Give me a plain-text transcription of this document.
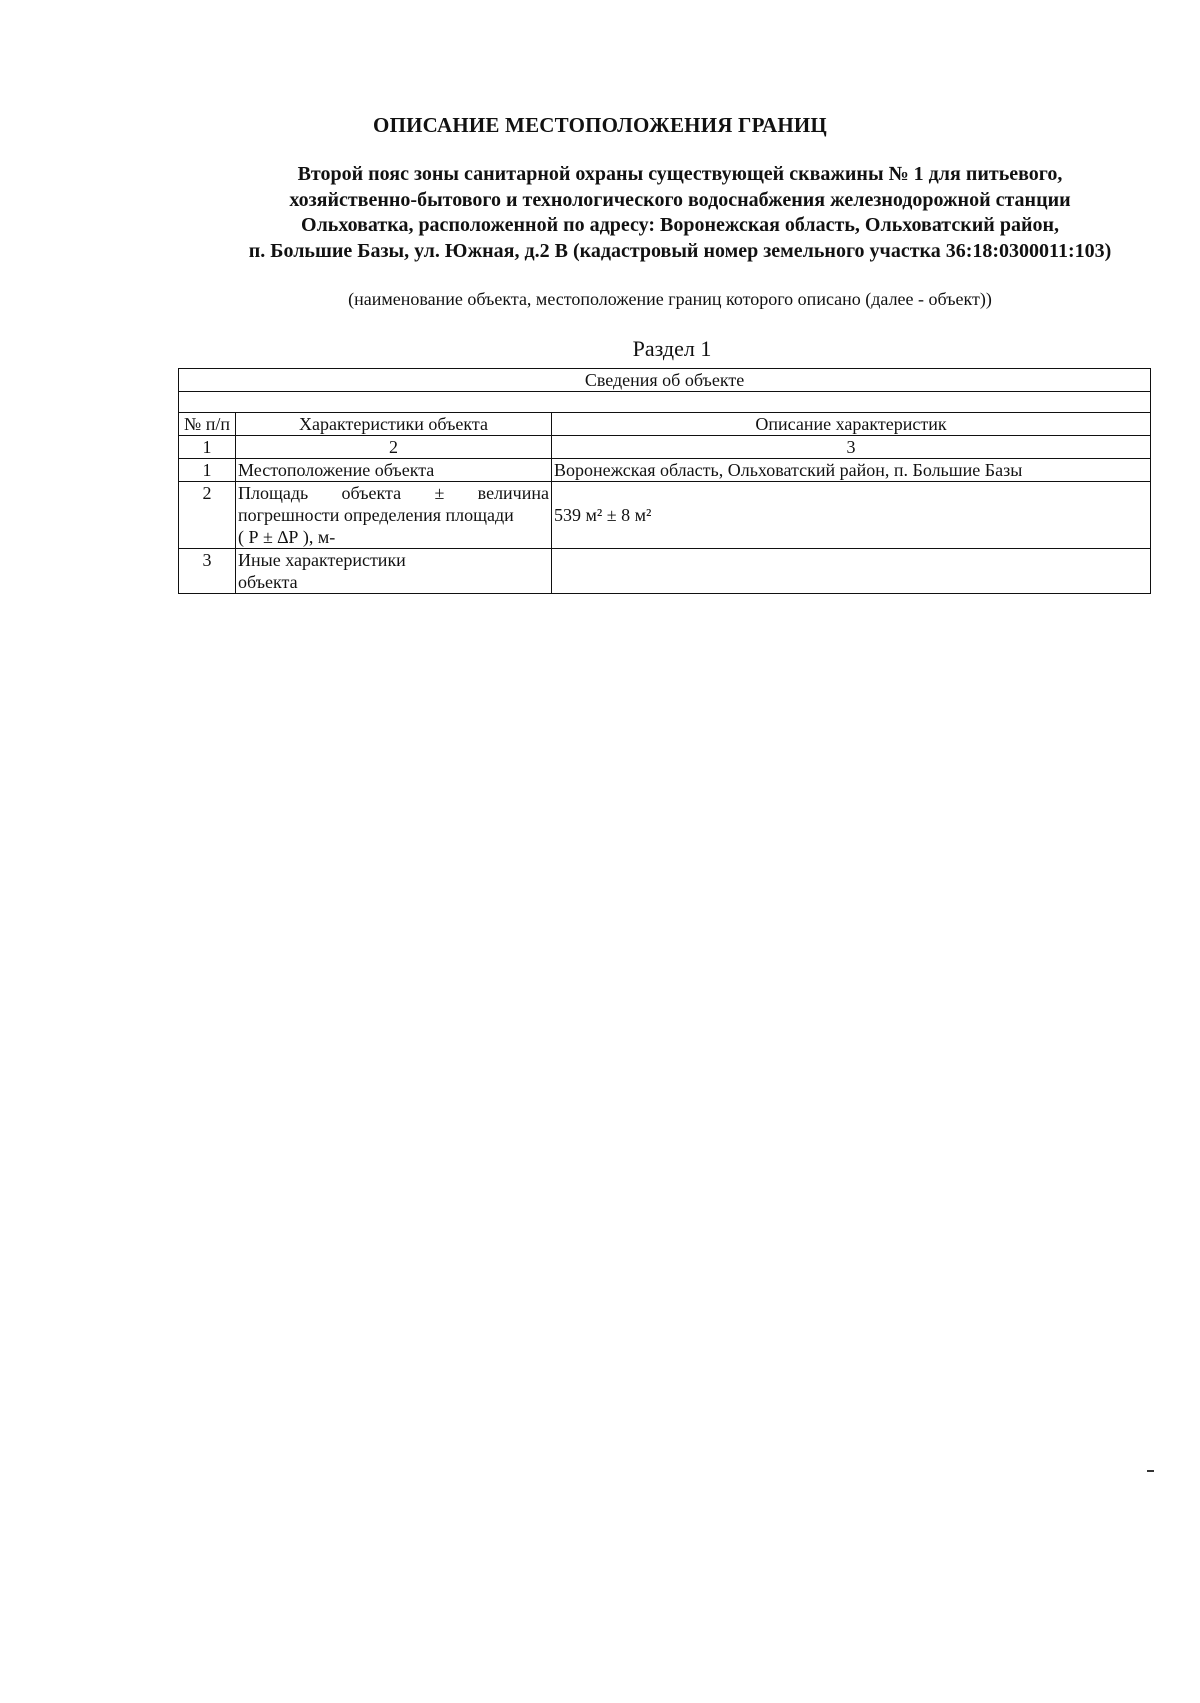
ОПИСАНИЕ МЕСТОПОЛОЖЕНИЯ ГРАНИЦ
Второй пояс зоны санитарной охраны существующей скважины № 1 для питьевого,
хозяйственно-бытового и технологического водоснабжения железнодорожной станции
Ольховатка, расположенной по адресу: Воронежская область, Ольховатский район,
п. Большие Базы, ул. Южная, д.2 В (кадастровый номер земельного участка 36:18:0300011:103)
(наименование объекта, местоположение границ которого описано (далее - объект))
Раздел 1
Сведения об объекте		

№ п/п	Характеристики объекта	Описание характеристик
1	2	3
1	Местоположение объекта	Воронежская область, Ольховатский район, п. Большие Базы
2	Площадь объекта ± величина
погрешности определения площади
( Р ± ∆Р ), м-	539 м² ± 8 м²
3	Иные характеристики
объекта	
